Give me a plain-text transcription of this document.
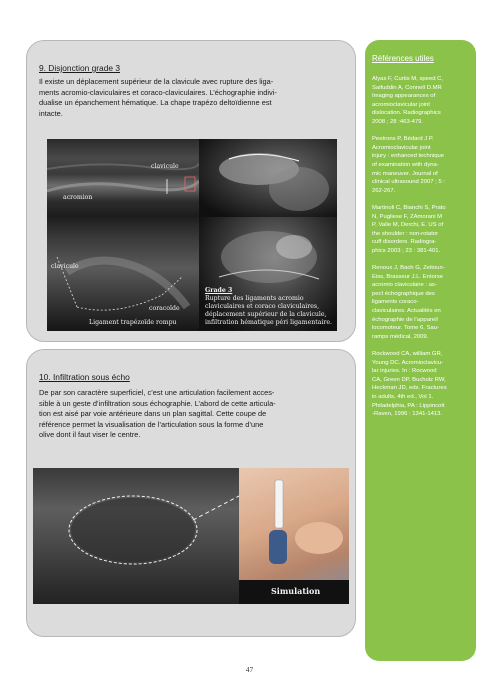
9. Disjonction grade 3
Il existe un déplacement supérieur de la clavicule avec rupture des liga-
ments acromio-claviculaires et coraco-claviculaires. L’échographie indivi-
dualise un épanchement hématique. La chape trapézo deltoïdienne est
intacte.
clavicule
acromion
clavicule
coracoïde
Ligament trapézoïde rompu
Grade 3
Rupture des ligaments acromio
claviculaires et coraco claviculaires,
déplacement supérieur de la clavicule,
infiltration hématique péri ligamentaire.
10. Infiltration sous écho
De par son caractère superficiel, c’est une articulation facilement acces-
sible à un geste d’infiltration sous échographie. L’abord de cette articula-
tion est aisé par voie antérieure dans un plan sagittal. Cette coupe de
référence permet la visualisation de l’articulation sous la forme d’une
olive dont il faut viser le centre.
Simulation
Références utiles
Alyas F, Curtis M, speed C,
Saifuddin A, Connell D.MR
Imaging appearances of
acromioclavicular joint
dislocation. Radiographics
2008 ; 28 :463-479.
Peetrons P, Bédard J P.
Acromioclavicular joint
injury : enhanced technique
of examination with dyna-
mic maneuver. Journal of
clinical ultrasound 2007 ; 5 :
262-267.
Martinoli C, Bianchi S, Prato
N, Pugliese F, ZAmorani M
P, Valle M, Derchi, E. US of
the shoulder : non-rotator
cuff disorders. Radiogra-
phics 2003 ; 23 : 381-401.
Renoux J, Bach G, Zeitoun-
Eiss, Brasseur J.L. Entorse
acromio claviculaire : as-
pect échographique des
ligaments coraco-
claviculaires. Actualités en
échographie de l’appareil
locomoteur. Tome 6. Sau-
ramps médical, 2009.
Rockwood CA, william GR,
Young DC. Acromioclavicu-
lar injuries. In : Rocwood
CA, Green DP, Bucholz RW,
Heckman JD, eds. Fractures
in adults, 4th ed., Vol 1.
Philadelphia, PA : Lippincott
-Raven, 1996 : 1341-1413.
47
